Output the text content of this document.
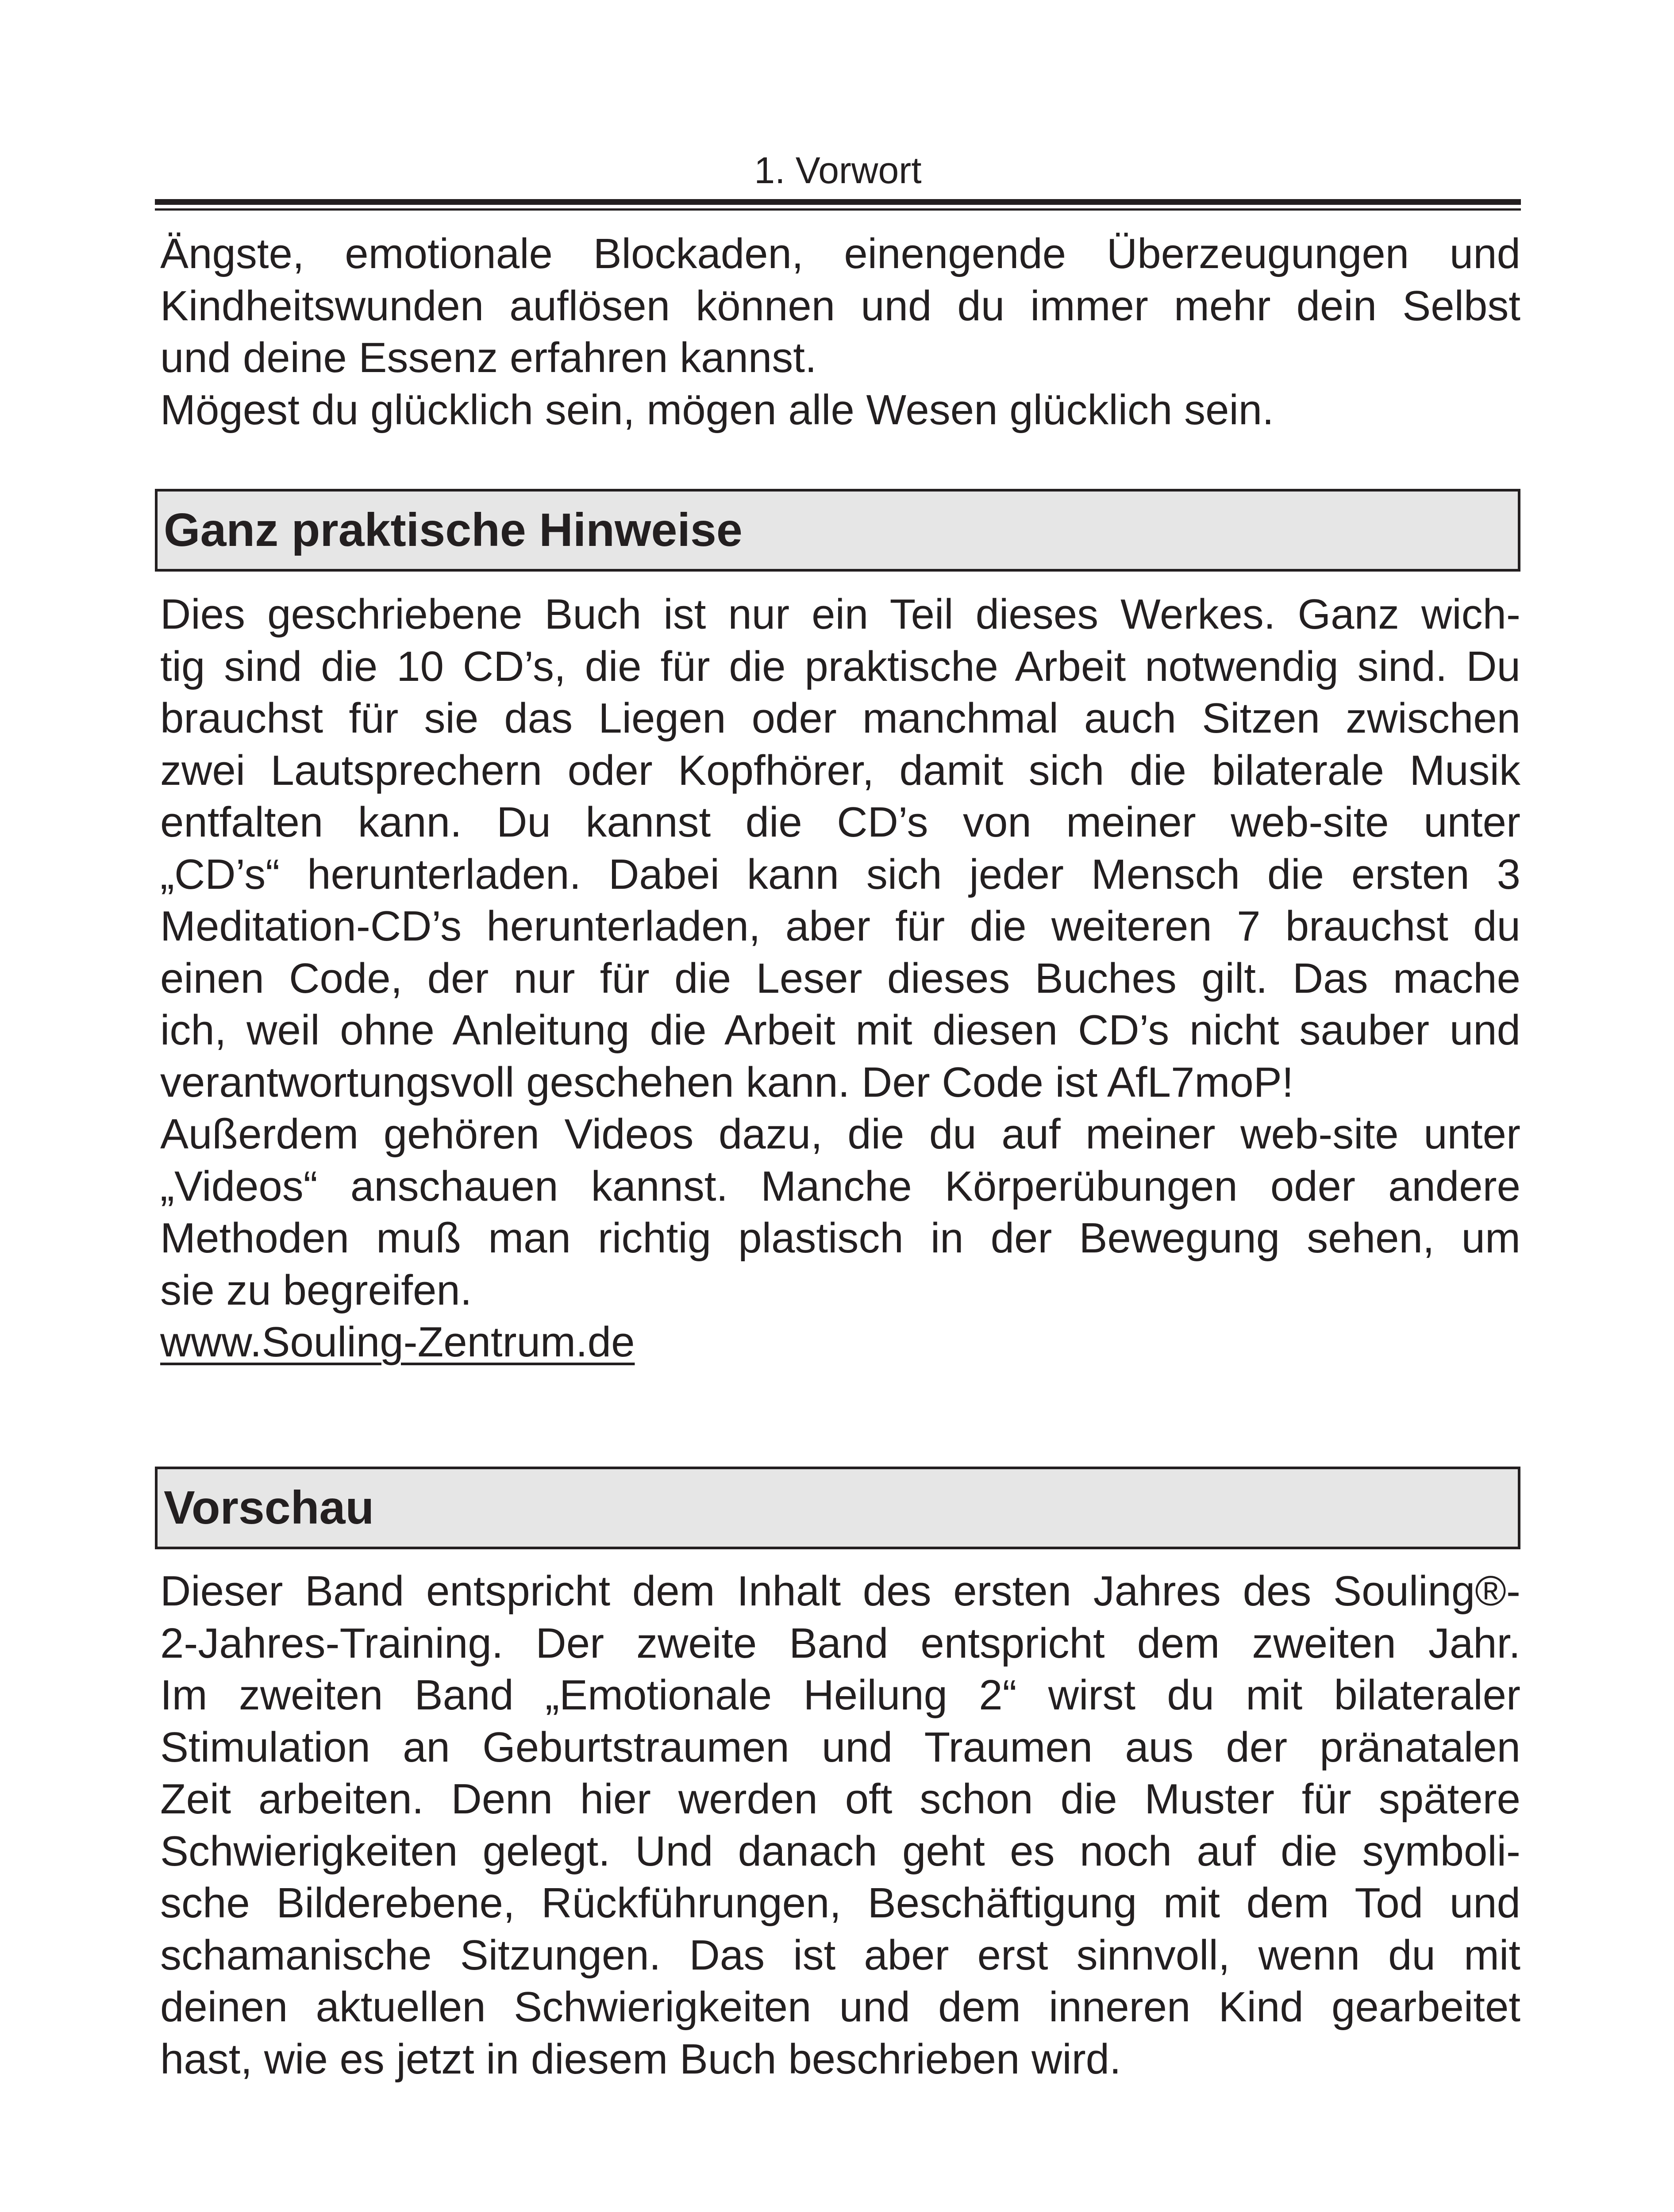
1. Vorwort
Ängste, emotionale Blockaden, einengende Überzeugungen und
Kindheitswunden auflösen können und du immer mehr dein Selbst
und deine Essenz erfahren kannst.
Mögest du glücklich sein, mögen alle Wesen glücklich sein.
Ganz praktische Hinweise
Dies geschriebene Buch ist nur ein Teil dieses Werkes. Ganz wich-
tig sind die 10 CD’s, die für die praktische Arbeit notwendig sind. Du
brauchst für sie das Liegen oder manchmal auch Sitzen zwischen
zwei Lautsprechern oder Kopfhörer, damit sich die bilaterale Musik
entfalten kann. Du kannst die CD’s von meiner web-site unter
„CD’s“ herunterladen. Dabei kann sich jeder Mensch die ersten 3
Meditation-CD’s herunterladen, aber für die weiteren 7 brauchst du
einen Code, der nur für die Leser dieses Buches gilt. Das mache
ich, weil ohne Anleitung die Arbeit mit diesen CD’s nicht sauber und
verantwortungsvoll geschehen kann. Der Code ist AfL7moP!
Außerdem gehören Videos dazu, die du auf meiner web-site unter
„Videos“ anschauen kannst. Manche Körperübungen oder andere
Methoden muß man richtig plastisch in der Bewegung sehen, um
sie zu begreifen.
www.Souling-Zentrum.de
Vorschau
Dieser Band entspricht dem Inhalt des ersten Jahres des Souling®-
2-Jahres-Training. Der zweite Band entspricht dem zweiten Jahr.
Im zweiten Band „Emotionale Heilung 2“ wirst du mit bilateraler
Stimulation an Geburtstraumen und Traumen aus der pränatalen
Zeit arbeiten. Denn hier werden oft schon die Muster für spätere
Schwierigkeiten gelegt. Und danach geht es noch auf die symboli-
sche Bilderebene, Rückführungen, Beschäftigung mit dem Tod und
schamanische Sitzungen. Das ist aber erst sinnvoll, wenn du mit
deinen aktuellen Schwierigkeiten und dem inneren Kind gearbeitet
hast, wie es jetzt in diesem Buch beschrieben wird.
